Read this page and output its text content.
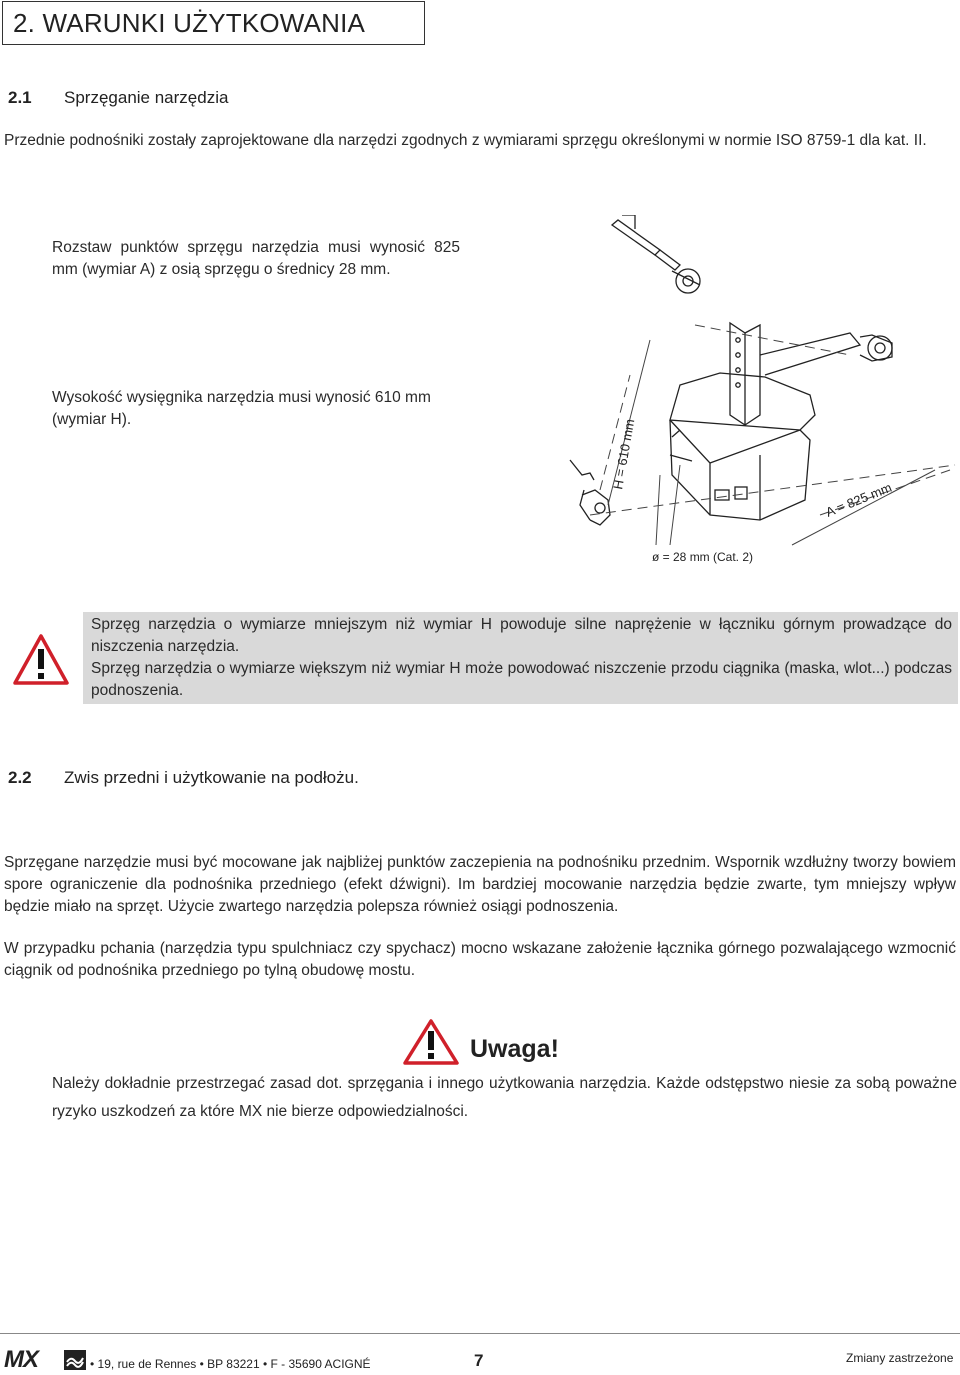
2. WARUNKI UŻYTKOWANIA
2.1 Sprzęganie narzędzia
Przednie podnośniki zostały zaprojektowane dla narzędzi zgodnych z wymiarami sprzęgu określonymi w normie ISO 8759-1 dla kat. II.
Rozstaw punktów sprzęgu narzędzia musi wynosić 825 mm (wymiar A) z osią sprzęgu o średnicy 28 mm.
Wysokość wysięgnika narzędzia musi wynosić 610 mm (wymiar H).	H = 610 mm
A = 825 mm
ø = 28 mm (Cat. 2)
Sprzęg narzędzia o wymiarze mniejszym niż wymiar H powoduje silne naprężenie w łączniku górnym prowadzące do niszczenia narzędzia.
Sprzęg narzędzia o wymiarze większym niż wymiar H może powodować niszczenie przodu ciągnika (maska, wlot...) podczas podnoszenia.
2.2 Zwis przedni i użytkowanie na podłożu.
Sprzęgane narzędzie musi być mocowane jak najbliżej punktów zaczepienia na podnośniku przednim. Wspornik wzdłużny tworzy bowiem spore ograniczenie dla podnośnika przedniego (efekt dźwigni). Im bardziej mocowanie narzędzia będzie zwarte, tym mniejszy wpływ będzie miało na sprzęt. Użycie zwartego narzędzia polepsza również osiągi podnoszenia.
W przypadku pchania (narzędzia typu spulchniacz czy spychacz) mocno wskazane założenie łącznika górnego pozwalającego wzmocnić ciągnik od podnośnika przedniego po tylną obudowę mostu.
Uwaga!
Należy dokładnie przestrzegać zasad dot. sprzęgania i innego użytkowania narzędzia. Każde odstępstwo niesie za sobą poważne ryzyko uszkodzeń za które MX nie bierze odpowiedzialności.
MX	• 19, rue de Rennes • BP 83221 • F - 35690 ACIGNÉ	7	Zmiany zastrzeżone
